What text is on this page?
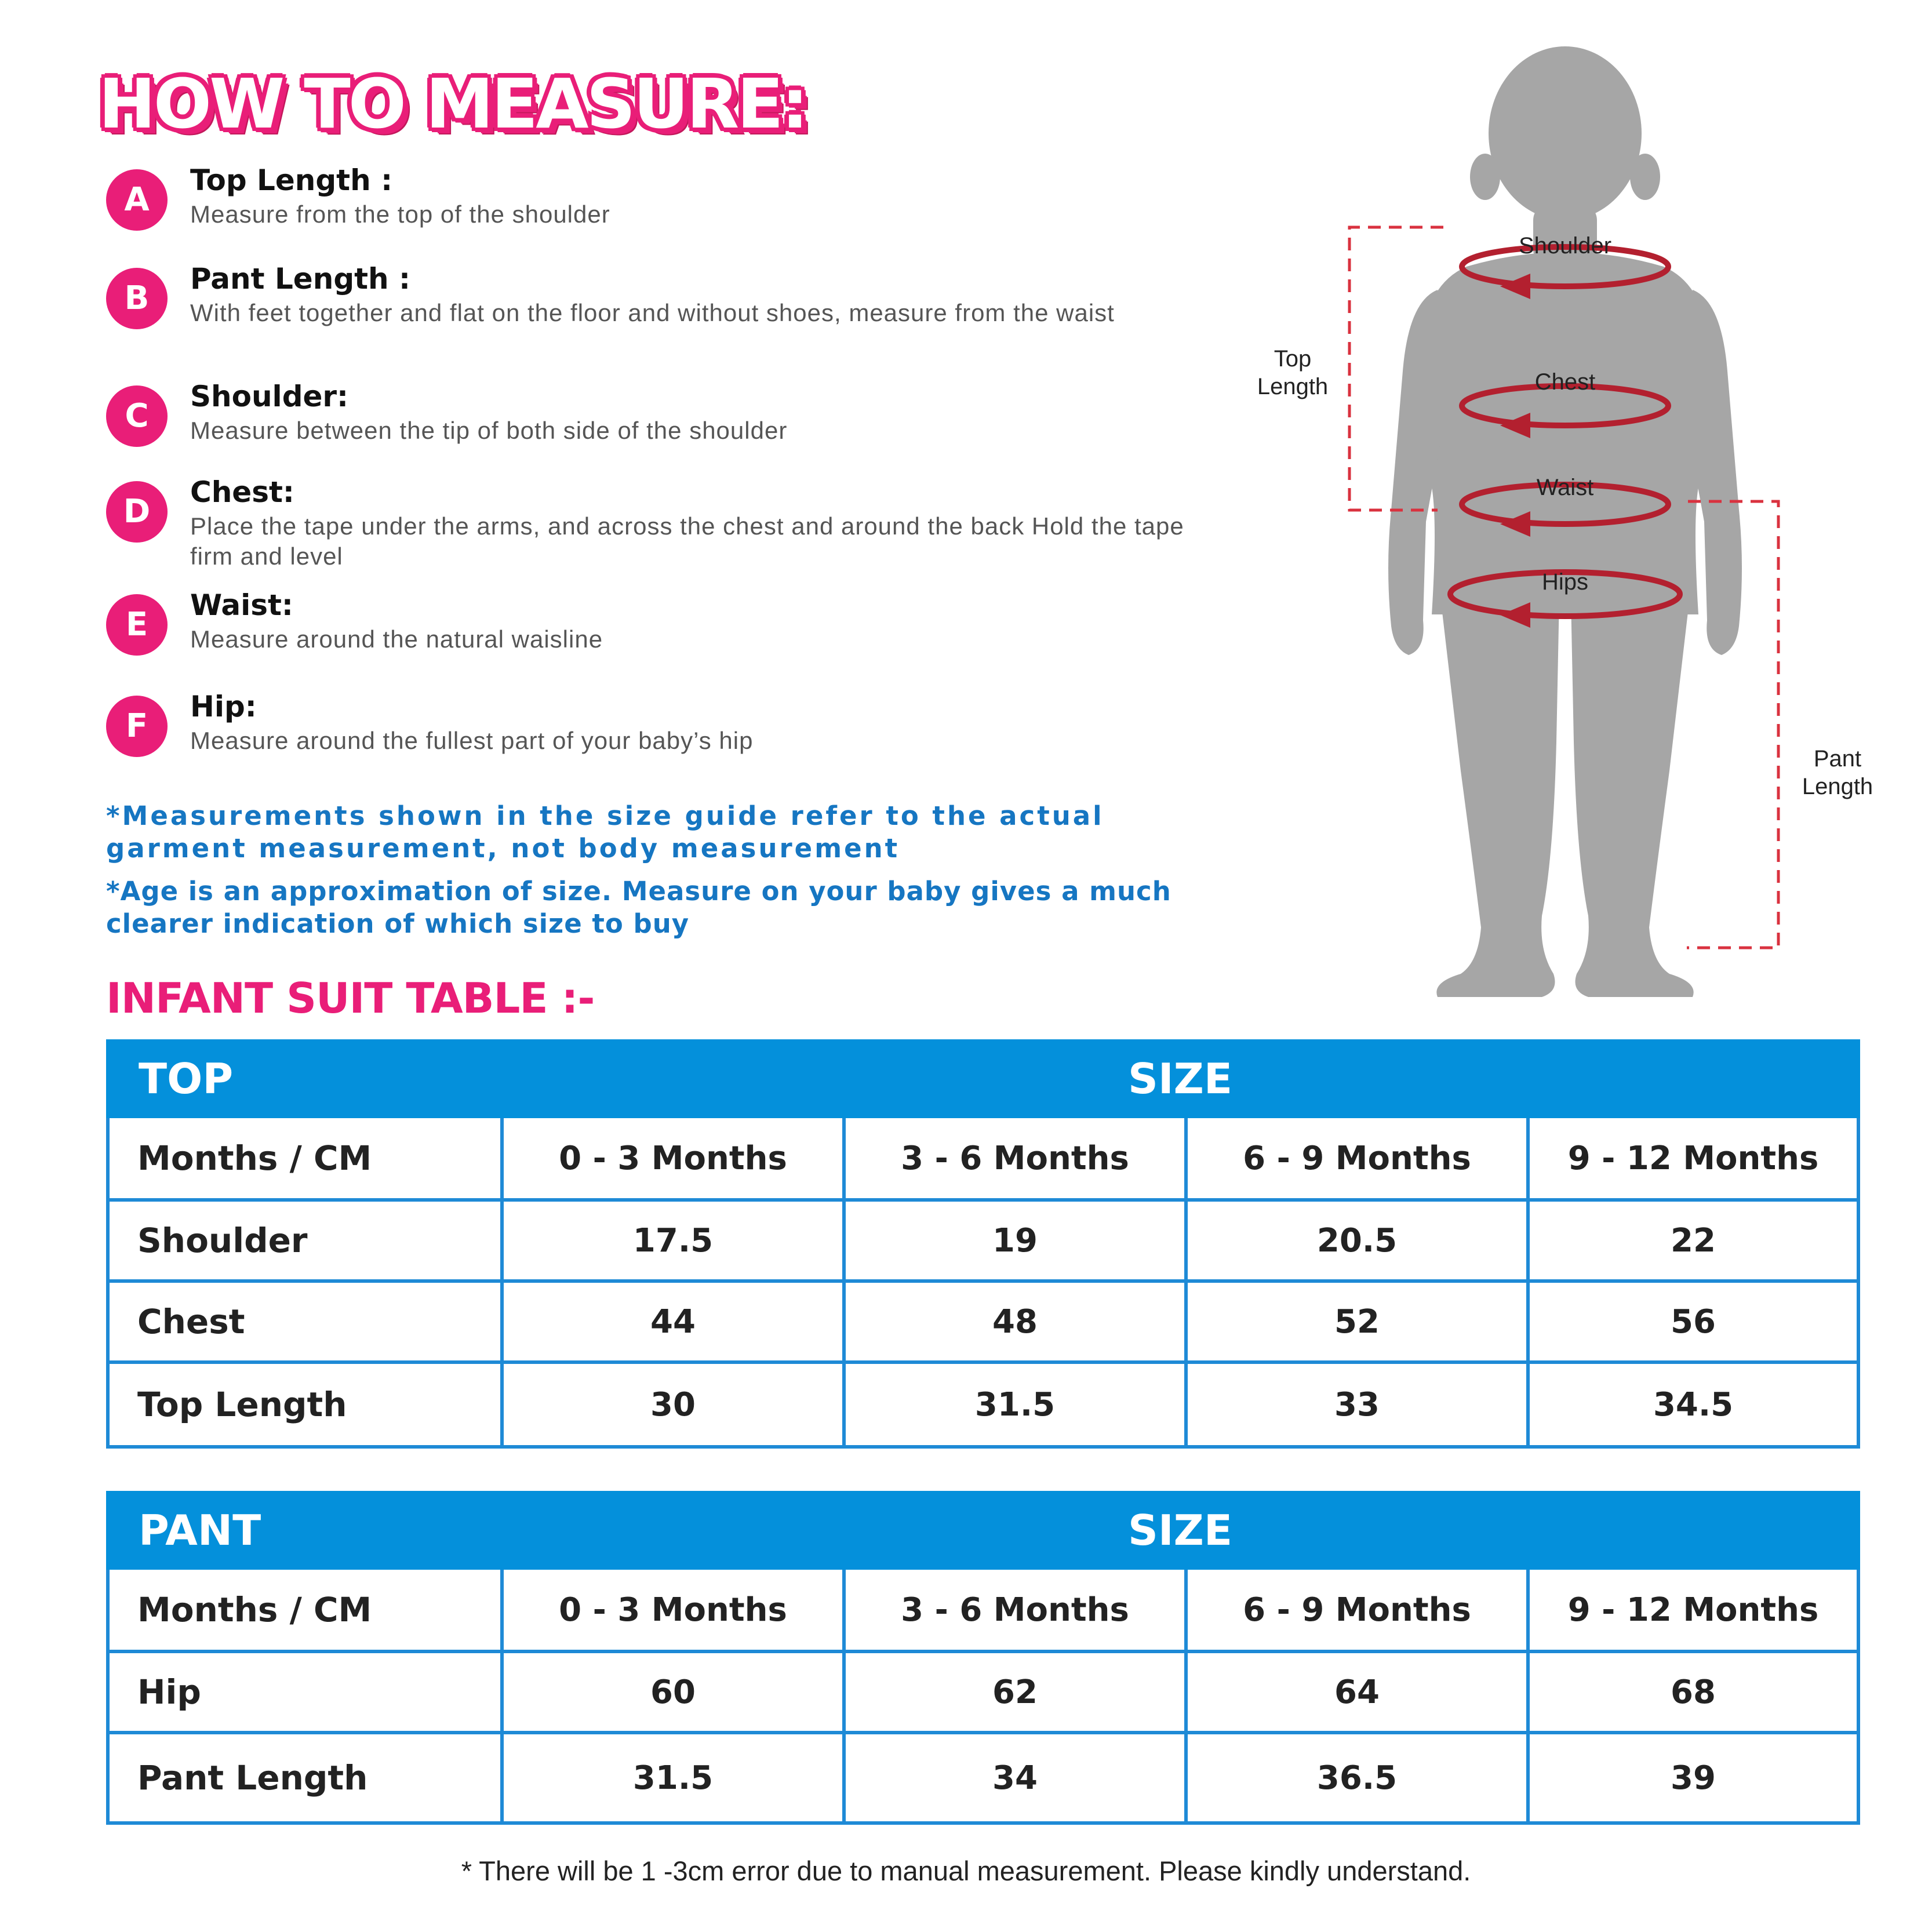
HOW TO MEASURE:
A
Top Length :
Measure from the top of the shoulder
B
Pant Length :
With feet together and flat on the floor and without shoes, measure from the waist
C
Shoulder:
Measure between the tip of both side of the shoulder
D
Chest:
Place the tape under the arms, and across the chest and around the back Hold the tape firm and level
E
Waist:
Measure around the natural waisline
F
Hip:
Measure around the fullest part of your baby’s hip
*Measurements shown in the size guide refer to the actual garment measurement, not body measurement
*Age is an approximation of size. Measure on your baby gives a much clearer indication of which size to buy
Shoulder
Chest
Waist
Hips
Top Length
Pant Length
INFANT SUIT TABLE :-
TOP	SIZE			
Months / CM	0 - 3 Months	3 - 6 Months	6 - 9 Months	9 - 12 Months
Shoulder	17.5	19	20.5	22
Chest	44	48	52	56
Top Length	30	31.5	33	34.5
PANT	SIZE			
Months / CM	0 - 3 Months	3 - 6 Months	6 - 9 Months	9 - 12 Months
Hip	60	62	64	68
Pant Length	31.5	34	36.5	39
* There will be 1 -3cm error due to manual measurement. Please kindly understand.
